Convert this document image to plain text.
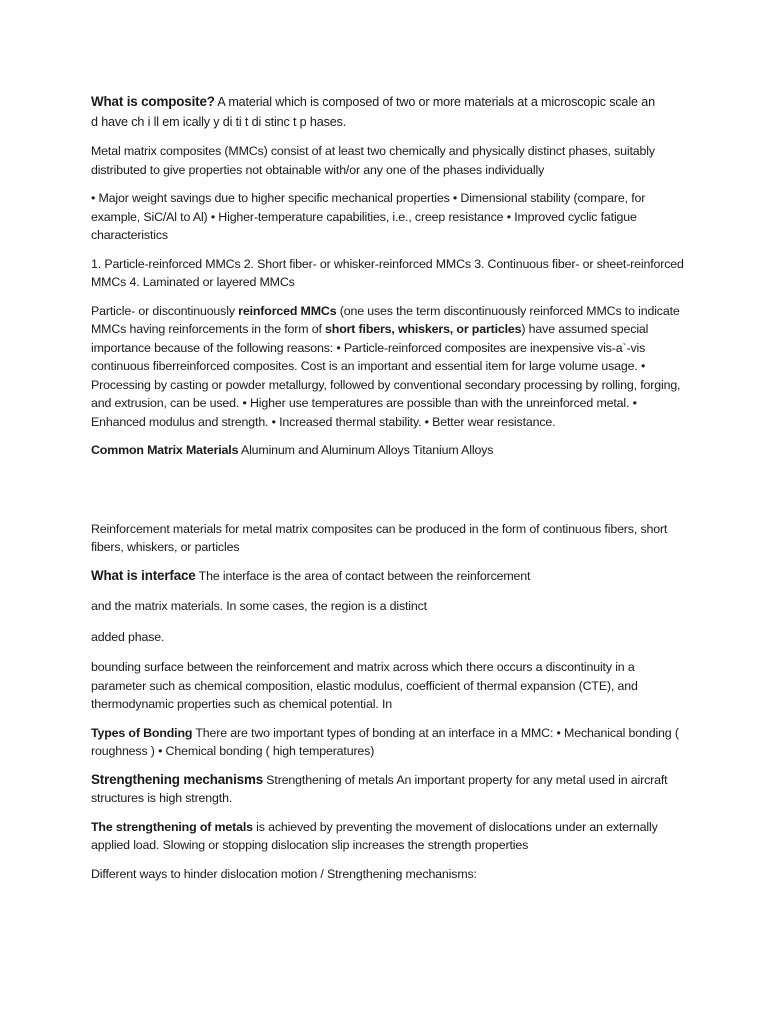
What is composite? A material which is composed of two or more materials at a microscopic scale an
d have ch i ll em ically y di ti t di stinc t p hases.

Metal matrix composites (MMCs) consist of at least two chemically and physically distinct phases, suitably distributed to give properties not obtainable with/or any one of the phases individually

• Major weight savings due to higher specific mechanical properties • Dimensional stability (compare, for example, SiC/Al to Al) • Higher-temperature capabilities, i.e., creep resistance • Improved cyclic fatigue characteristics

1. Particle-reinforced MMCs 2. Short fiber- or whisker-reinforced MMCs 3. Continuous fiber- or sheet-reinforced MMCs 4. Laminated or layered MMCs

Particle- or discontinuously reinforced MMCs (one uses the term discontinuously reinforced MMCs to indicate MMCs having reinforcements in the form of short fibers, whiskers, or particles) have assumed special importance because of the following reasons: • Particle-reinforced composites are inexpensive vis-a`-vis continuous fiberreinforced composites. Cost is an important and essential item for large volume usage. • Processing by casting or powder metallurgy, followed by conventional secondary processing by rolling, forging, and extrusion, can be used. • Higher use temperatures are possible than with the unreinforced metal. • Enhanced modulus and strength. • Increased thermal stability. • Better wear resistance.

Common Matrix Materials Aluminum and Aluminum Alloys Titanium Alloys

Reinforcement materials for metal matrix composites can be produced in the form of continuous fibers, short fibers, whiskers, or particles

What is interface The interface is the area of contact between the reinforcement

and the matrix materials. In some cases, the region is a distinct

added phase.

bounding surface between the reinforcement and matrix across which there occurs a discontinuity in a parameter such as chemical composition, elastic modulus, coefficient of thermal expansion (CTE), and thermodynamic properties such as chemical potential. In

Types of Bonding There are two important types of bonding at an interface in a MMC: • Mechanical bonding ( roughness ) • Chemical bonding ( high temperatures)

Strengthening mechanisms Strengthening of metals An important property for any metal used in aircraft structures is high strength.

The strengthening of metals is achieved by preventing the movement of dislocations under an externally applied load. Slowing or stopping dislocation slip increases the strength properties

Different ways to hinder dislocation motion / Strengthening mechanisms:
